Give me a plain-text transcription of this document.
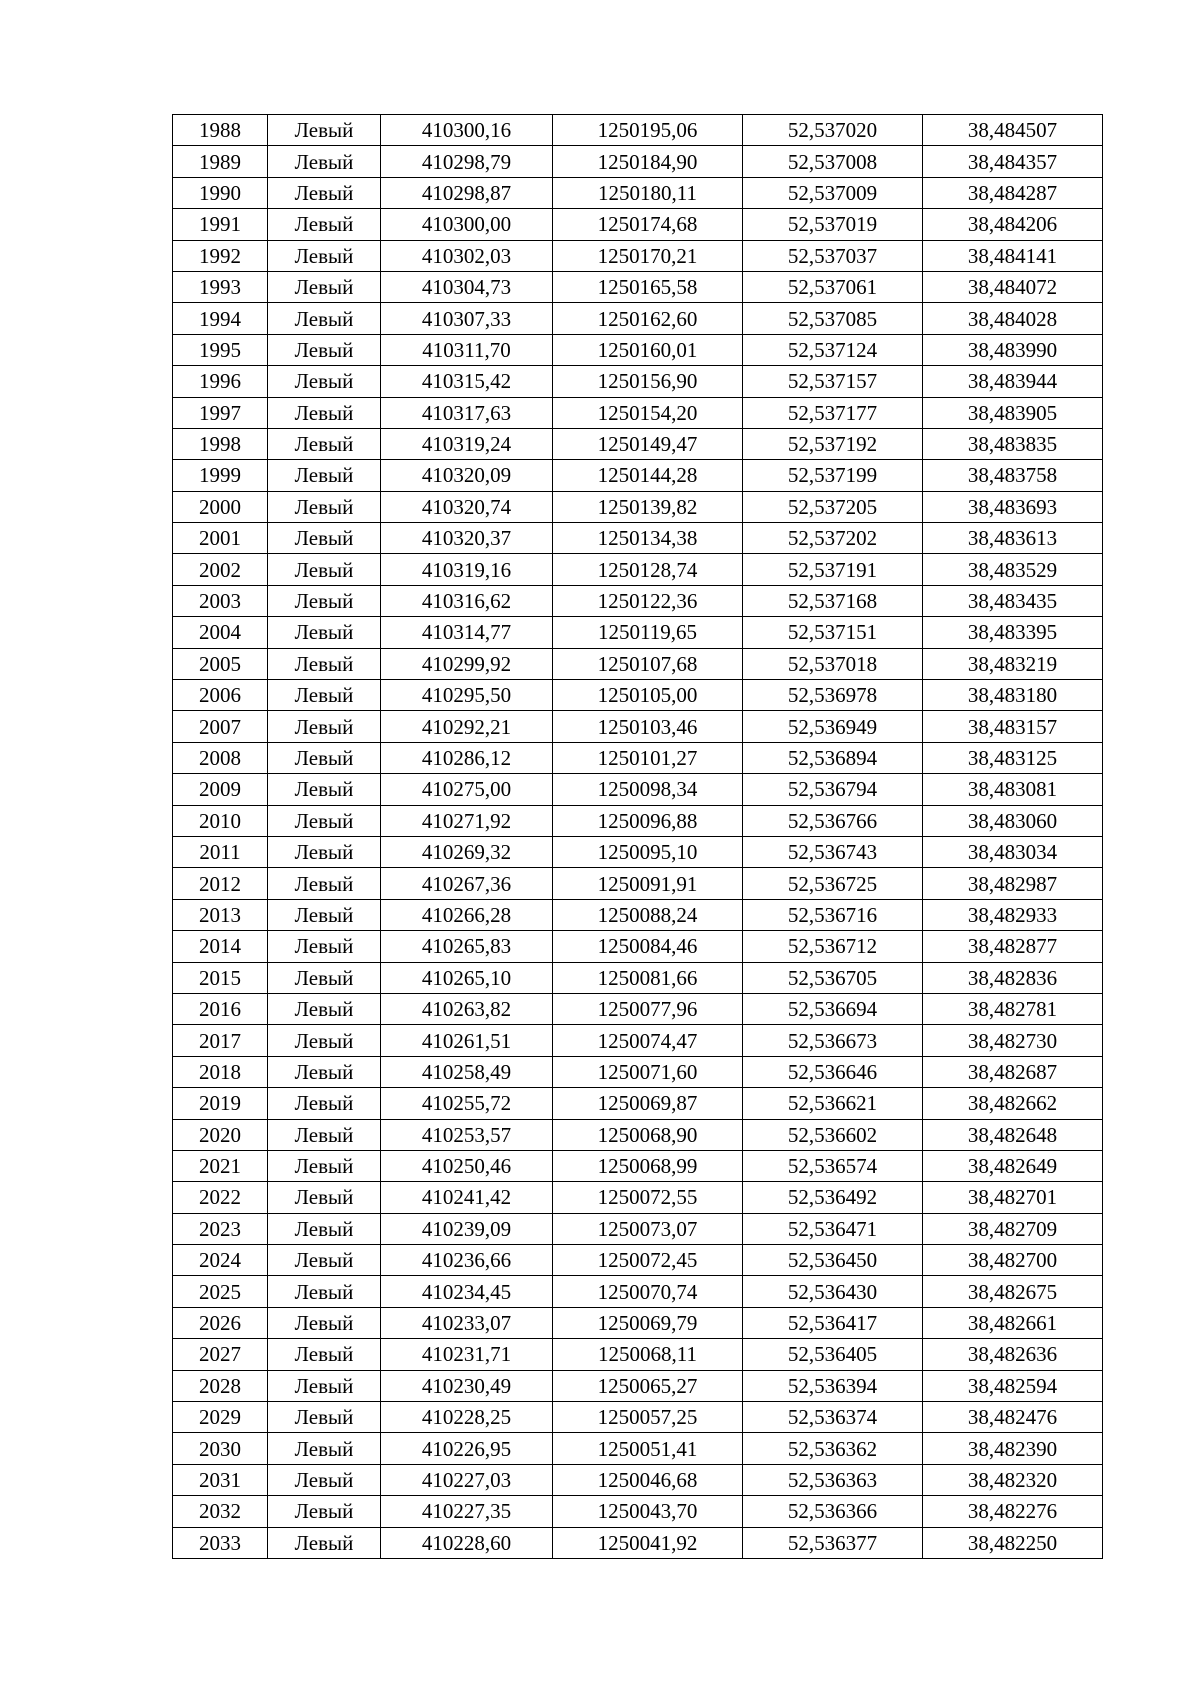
1988	Левый	410300,16	1250195,06	52,537020	38,484507
1989	Левый	410298,79	1250184,90	52,537008	38,484357
1990	Левый	410298,87	1250180,11	52,537009	38,484287
1991	Левый	410300,00	1250174,68	52,537019	38,484206
1992	Левый	410302,03	1250170,21	52,537037	38,484141
1993	Левый	410304,73	1250165,58	52,537061	38,484072
1994	Левый	410307,33	1250162,60	52,537085	38,484028
1995	Левый	410311,70	1250160,01	52,537124	38,483990
1996	Левый	410315,42	1250156,90	52,537157	38,483944
1997	Левый	410317,63	1250154,20	52,537177	38,483905
1998	Левый	410319,24	1250149,47	52,537192	38,483835
1999	Левый	410320,09	1250144,28	52,537199	38,483758
2000	Левый	410320,74	1250139,82	52,537205	38,483693
2001	Левый	410320,37	1250134,38	52,537202	38,483613
2002	Левый	410319,16	1250128,74	52,537191	38,483529
2003	Левый	410316,62	1250122,36	52,537168	38,483435
2004	Левый	410314,77	1250119,65	52,537151	38,483395
2005	Левый	410299,92	1250107,68	52,537018	38,483219
2006	Левый	410295,50	1250105,00	52,536978	38,483180
2007	Левый	410292,21	1250103,46	52,536949	38,483157
2008	Левый	410286,12	1250101,27	52,536894	38,483125
2009	Левый	410275,00	1250098,34	52,536794	38,483081
2010	Левый	410271,92	1250096,88	52,536766	38,483060
2011	Левый	410269,32	1250095,10	52,536743	38,483034
2012	Левый	410267,36	1250091,91	52,536725	38,482987
2013	Левый	410266,28	1250088,24	52,536716	38,482933
2014	Левый	410265,83	1250084,46	52,536712	38,482877
2015	Левый	410265,10	1250081,66	52,536705	38,482836
2016	Левый	410263,82	1250077,96	52,536694	38,482781
2017	Левый	410261,51	1250074,47	52,536673	38,482730
2018	Левый	410258,49	1250071,60	52,536646	38,482687
2019	Левый	410255,72	1250069,87	52,536621	38,482662
2020	Левый	410253,57	1250068,90	52,536602	38,482648
2021	Левый	410250,46	1250068,99	52,536574	38,482649
2022	Левый	410241,42	1250072,55	52,536492	38,482701
2023	Левый	410239,09	1250073,07	52,536471	38,482709
2024	Левый	410236,66	1250072,45	52,536450	38,482700
2025	Левый	410234,45	1250070,74	52,536430	38,482675
2026	Левый	410233,07	1250069,79	52,536417	38,482661
2027	Левый	410231,71	1250068,11	52,536405	38,482636
2028	Левый	410230,49	1250065,27	52,536394	38,482594
2029	Левый	410228,25	1250057,25	52,536374	38,482476
2030	Левый	410226,95	1250051,41	52,536362	38,482390
2031	Левый	410227,03	1250046,68	52,536363	38,482320
2032	Левый	410227,35	1250043,70	52,536366	38,482276
2033	Левый	410228,60	1250041,92	52,536377	38,482250
